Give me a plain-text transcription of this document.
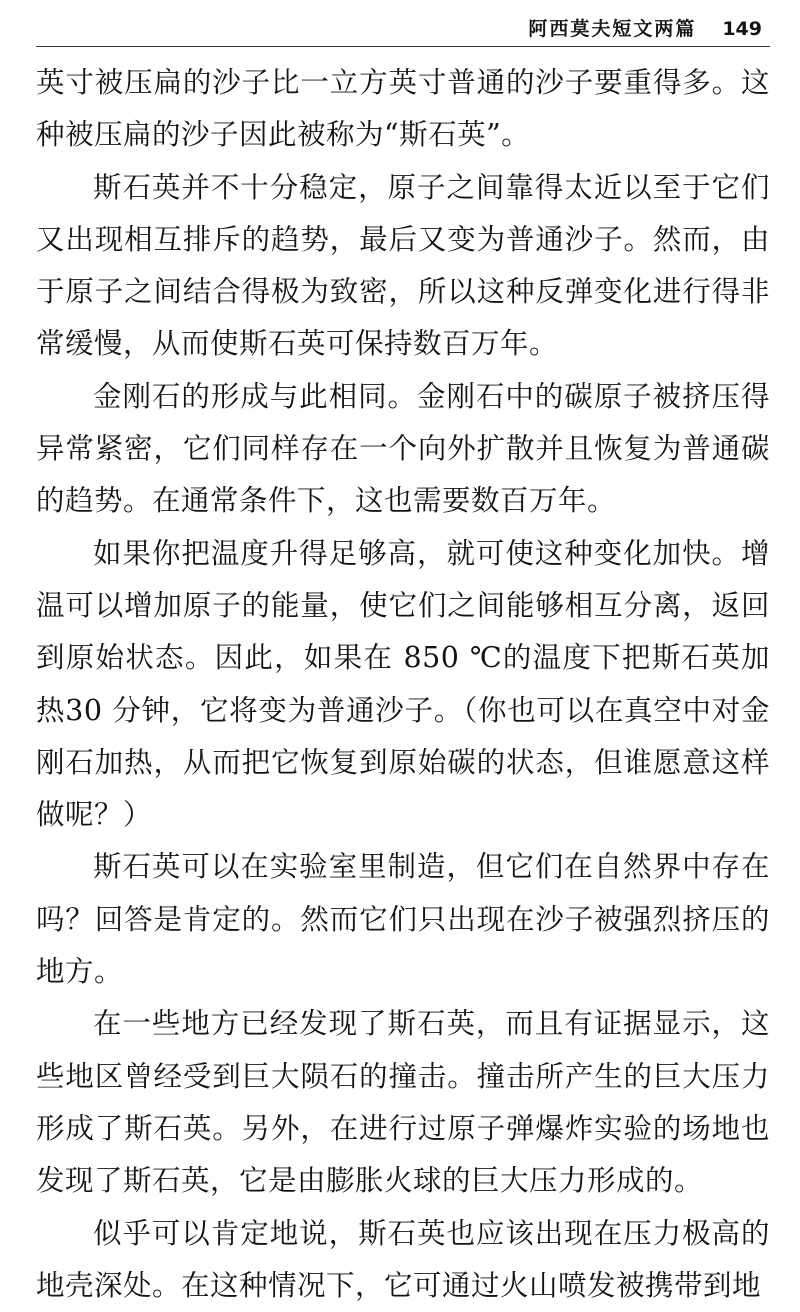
阿西莫夫短文两篇 149

英寸被压扁的沙子比一立方英寸普通的沙子要重得多。这种被压扁的沙子因此被称为“斯石英”。

斯石英并不十分稳定，原子之间靠得太近以至于它们又出现相互排斥的趋势，最后又变为普通沙子。然而，由于原子之间结合得极为致密，所以这种反弹变化进行得非常缓慢，从而使斯石英可保持数百万年。

金刚石的形成与此相同。金刚石中的碳原子被挤压得异常紧密，它们同样存在一个向外扩散并且恢复为普通碳的趋势。在通常条件下，这也需要数百万年。

如果你把温度升得足够高，就可使这种变化加快。增温可以增加原子的能量，使它们之间能够相互分离，返回到原始状态。因此，如果在 850 ℃的温度下把斯石英加热30 分钟，它将变为普通沙子。（你也可以在真空中对金刚石加热，从而把它恢复到原始碳的状态，但谁愿意这样做呢？）

斯石英可以在实验室里制造，但它们在自然界中存在吗？回答是肯定的。然而它们只出现在沙子被强烈挤压的地方。

在一些地方已经发现了斯石英，而且有证据显示，这些地区曾经受到巨大陨石的撞击。撞击所产生的巨大压力形成了斯石英。另外，在进行过原子弹爆炸实验的场地也发现了斯石英，它是由膨胀火球的巨大压力形成的。

似乎可以肯定地说，斯石英也应该出现在压力极高的地壳深处。在这种情况下，它可通过火山喷发被携带到地
